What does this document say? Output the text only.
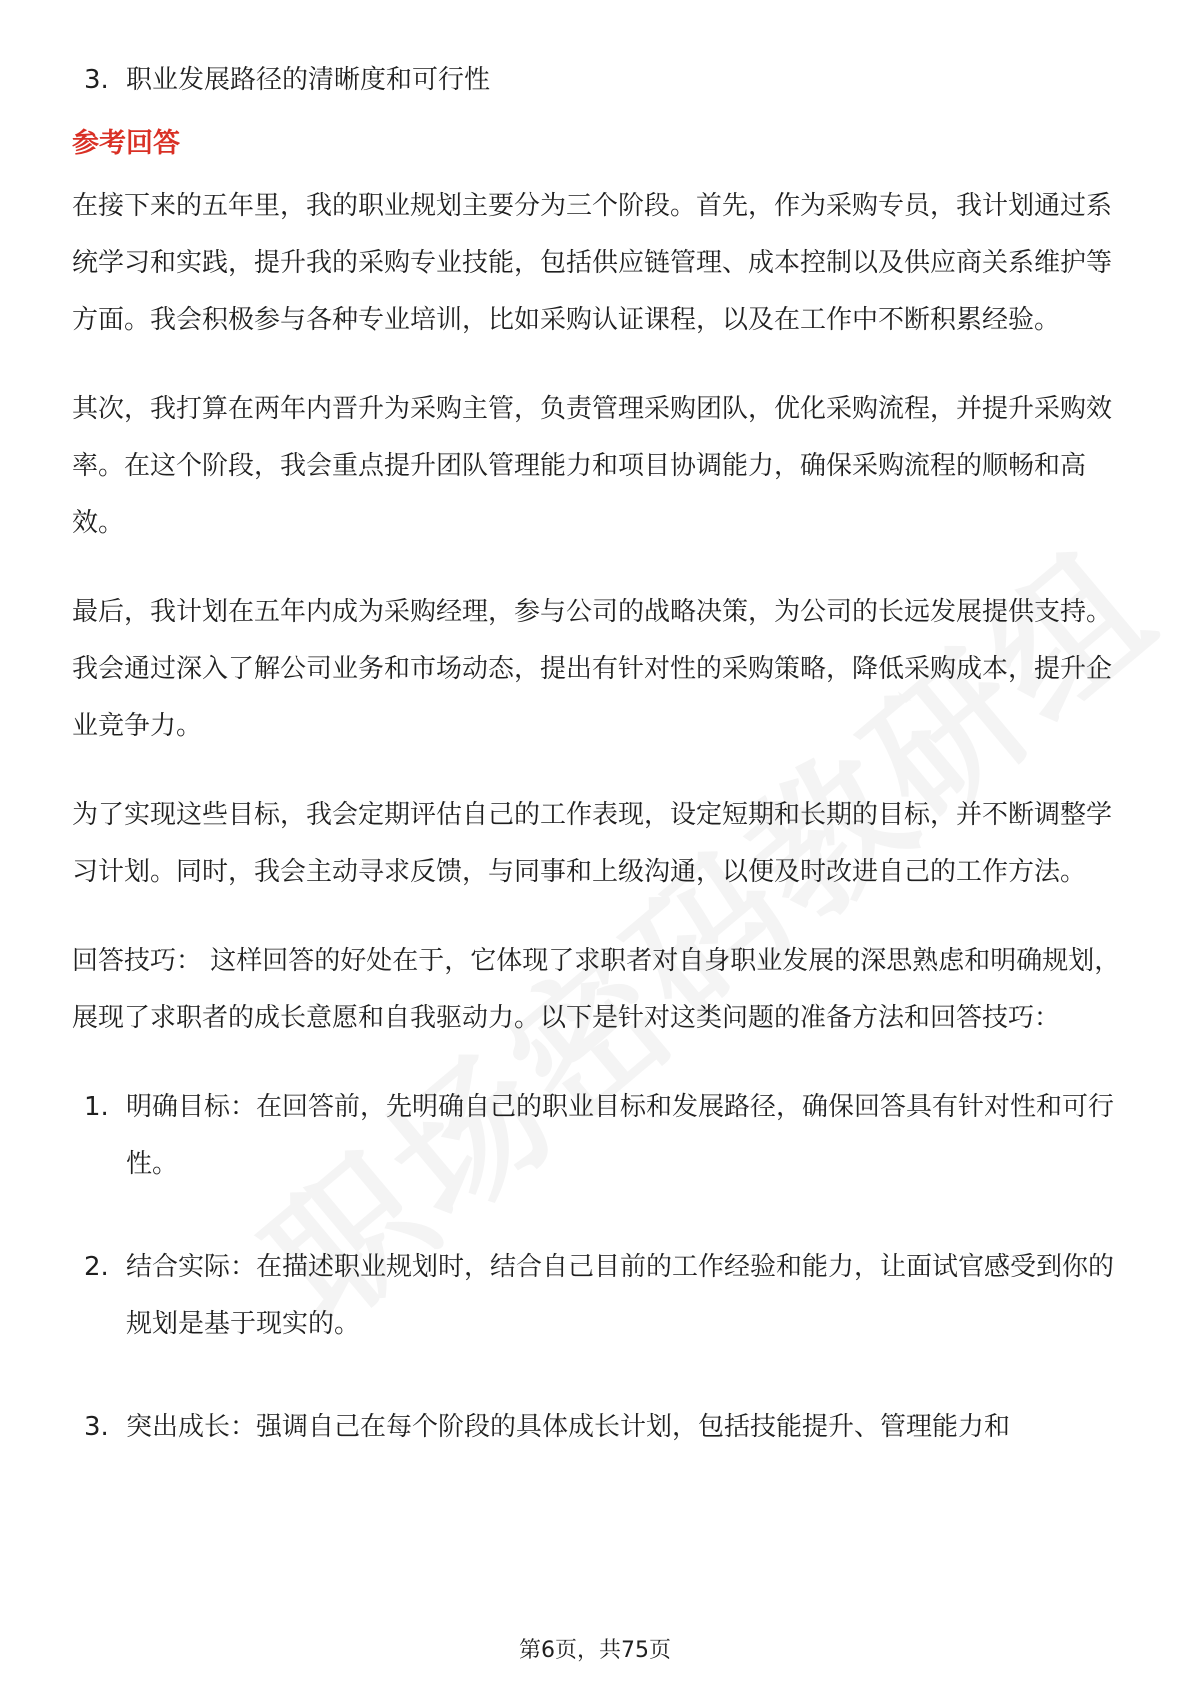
3. 职业发展路径的清晰度和可行性
参考回答

在接下来的五年里，我的职业规划主要分为三个阶段。首先，作为采购专员，我计划通过系统学习和实践，提升我的采购专业技能，包括供应链管理、成本控制以及供应商关系维护等方面。我会积极参与各种专业培训，比如采购认证课程，以及在工作中不断积累经验。

其次，我打算在两年内晋升为采购主管，负责管理采购团队，优化采购流程，并提升采购效率。在这个阶段，我会重点提升团队管理能力和项目协调能力，确保采购流程的顺畅和高效。

最后，我计划在五年内成为采购经理，参与公司的战略决策，为公司的长远发展提供支持。我会通过深入了解公司业务和市场动态，提出有针对性的采购策略，降低采购成本，提升企业竞争力。

为了实现这些目标，我会定期评估自己的工作表现，设定短期和长期的目标，并不断调整学习计划。同时，我会主动寻求反馈，与同事和上级沟通，以便及时改进自己的工作方法。

回答技巧： 这样回答的好处在于，它体现了求职者对自身职业发展的深思熟虑和明确规划，展现了求职者的成长意愿和自我驱动力。以下是针对这类问题的准备方法和回答技巧：

1. 明确目标：在回答前，先明确自己的职业目标和发展路径，确保回答具有针对性和可行性。
2. 结合实际：在描述职业规划时，结合自己目前的工作经验和能力，让面试官感受到你的规划是基于现实的。
3. 突出成长：强调自己在每个阶段的具体成长计划，包括技能提升、管理能力和
第6页，共75页
